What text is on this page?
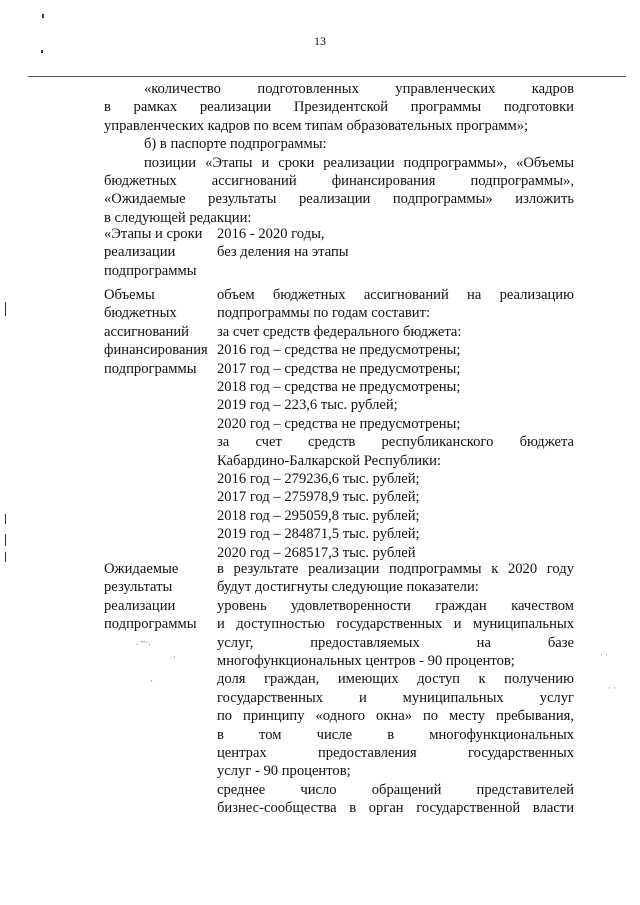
13
. ~·.
·
·
· ·
· ·

«количество подготовленных управленческих кадров

в рамках реализации Президентской программы подготовки

управленческих кадров по всем типам образовательных программ»;

б) в паспорте подпрограммы:

позиции «Этапы и сроки реализации подпрограммы», «Объемы

бюджетных ассигнований финансирования подпрограммы»,

«Ожидаемые результаты реализации подпрограммы» изложить

в следующей редакции:

«Этапы и сроки

реализации

подпрограммы

2016 - 2020 годы,

без деления на этапы

Объемы

бюджетных

ассигнований

финансирования

подпрограммы

объем бюджетных ассигнований на реализацию

подпрограммы по годам составит:

за счет средств федерального бюджета:

2016 год – средства не предусмотрены;

2017 год – средства не предусмотрены;

2018 год – средства не предусмотрены;

2019 год – 223,6 тыс. рублей;

2020 год – средства не предусмотрены;

за счет средств республиканского бюджета

Кабардино-Балкарской Республики:

2016 год – 279236,6 тыс. рублей;

2017 год – 275978,9 тыс. рублей;

2018 год – 295059,8 тыс. рублей;

2019 год – 284871,5 тыс. рублей;

2020 год – 268517,3 тыс. рублей

Ожидаемые

результаты

реализации

подпрограммы

в результате реализации подпрограммы к 2020 году

будут достигнуты следующие показатели:

уровень удовлетворенности граждан качеством

и доступностью государственных и муниципальных

услуг, предоставляемых на базе

многофункциональных центров - 90 процентов;

доля граждан, имеющих доступ к получению

государственных и муниципальных услуг

по принципу «одного окна» по месту пребывания,

в том числе в многофункциональных

центрах предоставления государственных

услуг - 90 процентов;

среднее число обращений представителей

бизнес-сообщества в орган государственной власти
